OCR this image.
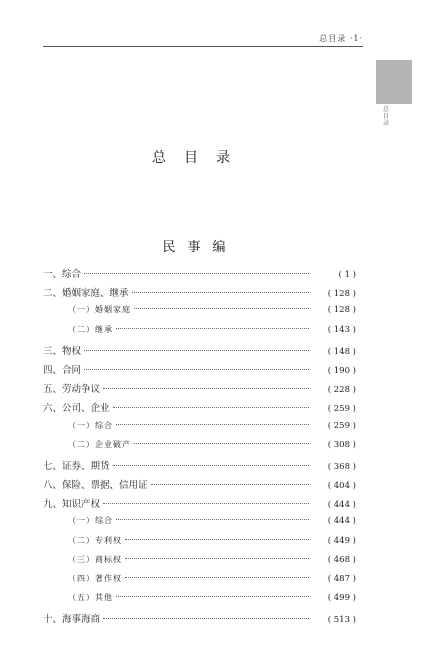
总目录 ·1·
总目录
总目录
民事编
一、综合	( 1 )
二、婚姻家庭、继承	( 128 )
（一）婚姻家庭	( 128 )
（二）继承	( 143 )
三、物权	( 148 )
四、合同	( 190 )
五、劳动争议	( 228 )
六、公司、企业	( 259 )
（一）综合	( 259 )
（二）企业破产	( 308 )
七、证券、期货	( 368 )
八、保险、票据、信用证	( 404 )
九、知识产权	( 444 )
（一）综合	( 444 )
（二）专利权	( 449 )
（三）商标权	( 468 )
（四）著作权	( 487 )
（五）其他	( 499 )
十、海事海商	( 513 )
